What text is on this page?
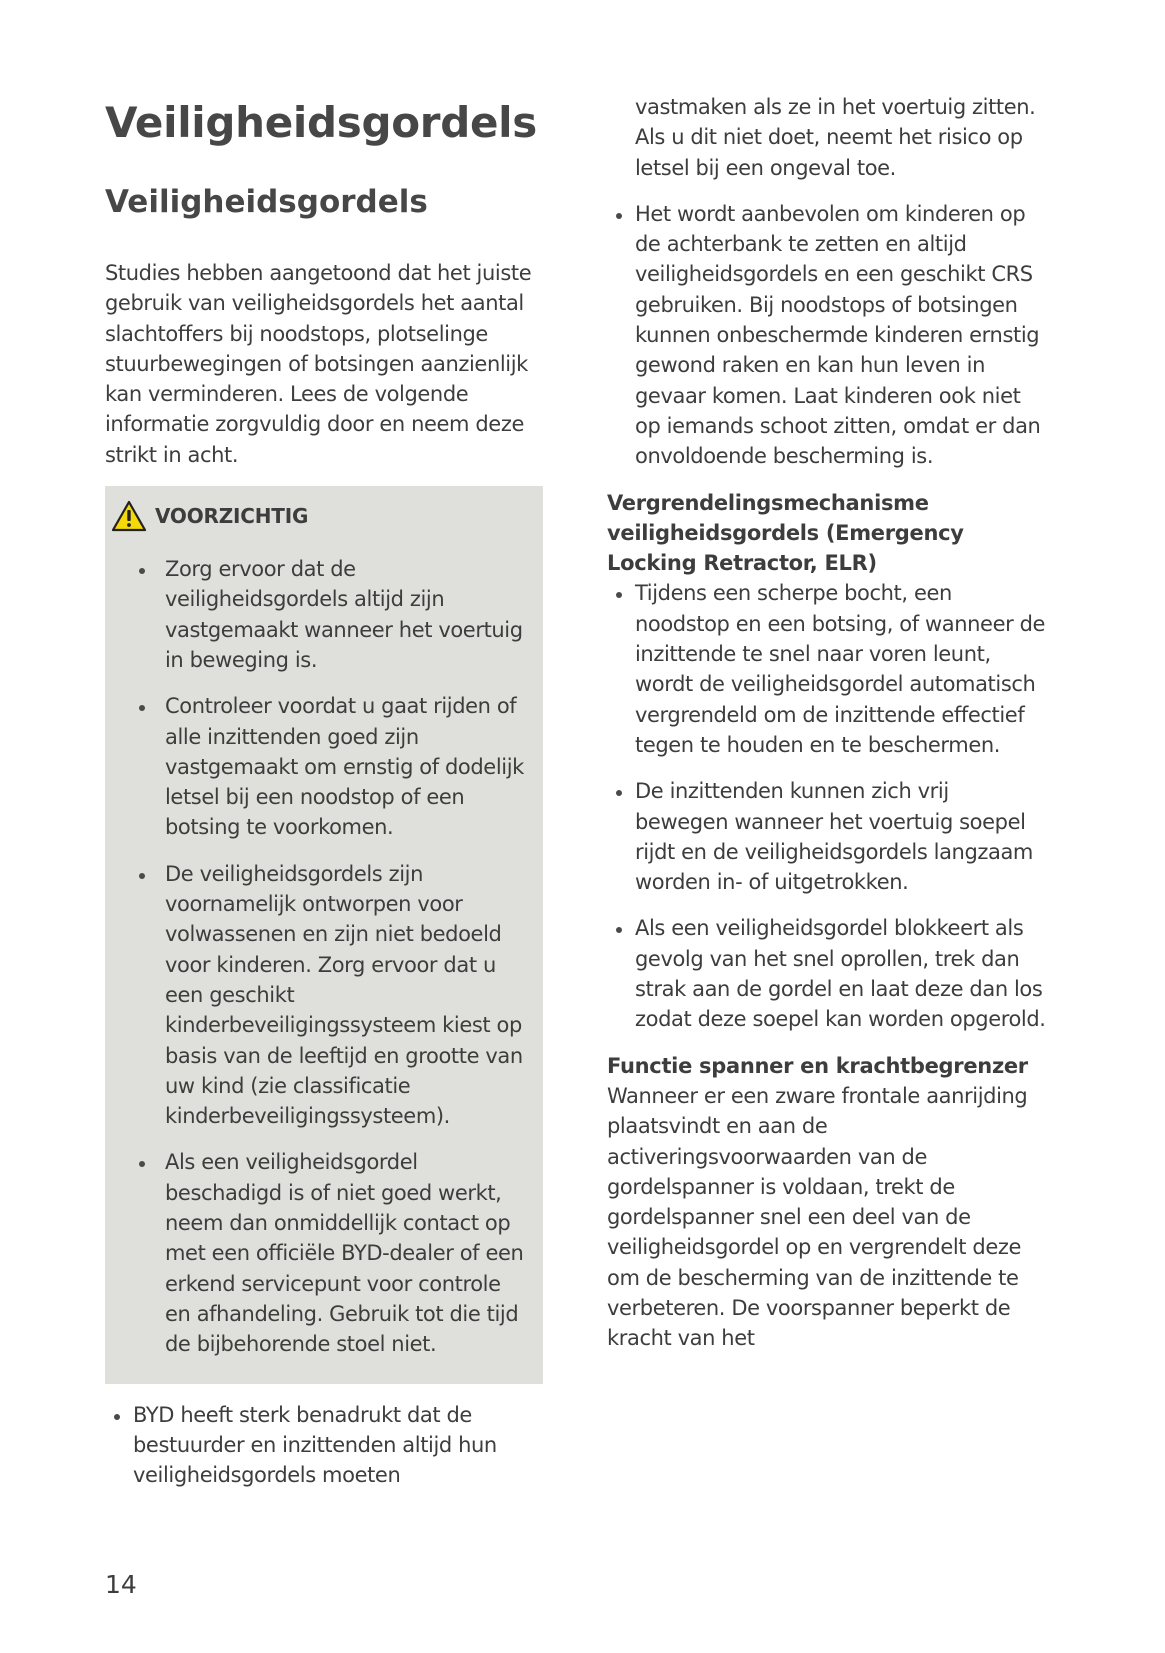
Veiligheidsgordels
Veiligheidsgordels

Studies hebben aangetoond dat het juiste gebruik van veiligheidsgordels het aantal slachtoffers bij noodstops, plotselinge stuurbewegingen of botsingen aanzienlijk kan verminderen. Lees de volgende informatie zorgvuldig door en neem deze strikt in acht.

VOORZICHTIG
Zorg ervoor dat de veiligheidsgordels altijd zijn vastgemaakt wanneer het voertuig in beweging is.
Controleer voordat u gaat rijden of alle inzittenden goed zijn vastgemaakt om ernstig of dodelijk letsel bij een noodstop of een botsing te voorkomen.
De veiligheidsgordels zijn voornamelijk ontworpen voor volwassenen en zijn niet bedoeld voor kinderen. Zorg ervoor dat u een geschikt kinderbeveiligingssysteem kiest op basis van de leeftijd en grootte van uw kind (zie classificatie kinderbeveiligingssysteem).
Als een veiligheidsgordel beschadigd is of niet goed werkt, neem dan onmiddellijk contact op met een officiële BYD-dealer of een erkend servicepunt voor controle en afhandeling. Gebruik tot die tijd de bijbehorende stoel niet.
BYD heeft sterk benadrukt dat de bestuurder en inzittenden altijd hun veiligheidsgordels moeten

vastmaken als ze in het voertuig zitten. Als u dit niet doet, neemt het risico op letsel bij een ongeval toe.

Het wordt aanbevolen om kinderen op de achterbank te zetten en altijd veiligheidsgordels en een geschikt CRS gebruiken. Bij noodstops of botsingen kunnen onbeschermde kinderen ernstig gewond raken en kan hun leven in gevaar komen. Laat kinderen ook niet op iemands schoot zitten, omdat er dan onvoldoende bescherming is.
Vergrendelingsmechanisme veiligheidsgordels (Emergency Locking Retractor, ELR)
Tijdens een scherpe bocht, een noodstop en een botsing, of wanneer de inzittende te snel naar voren leunt, wordt de veiligheidsgordel automatisch vergrendeld om de inzittende effectief tegen te houden en te beschermen.
De inzittenden kunnen zich vrij bewegen wanneer het voertuig soepel rijdt en de veiligheidsgordels langzaam worden in- of uitgetrokken.
Als een veiligheidsgordel blokkeert als gevolg van het snel oprollen, trek dan strak aan de gordel en laat deze dan los zodat deze soepel kan worden opgerold.
Functie spanner en krachtbegrenzer

Wanneer er een zware frontale aanrijding plaatsvindt en aan de activeringsvoorwaarden van de gordelspanner is voldaan, trekt de gordelspanner snel een deel van de veiligheidsgordel op en vergrendelt deze om de bescherming van de inzittende te verbeteren. De voorspanner beperkt de kracht van het

14
